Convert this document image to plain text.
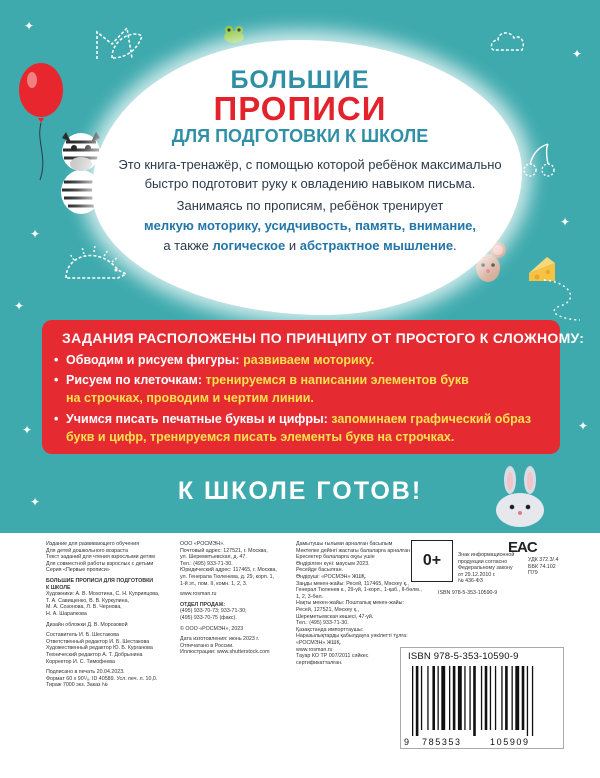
✦
✦
✦
✦
✦
✦	✦
✦
БОЛЬШИЕ
ПРОПИСИ
ДЛЯ ПОДГОТОВКИ К ШКОЛЕ
Это книга-тренажёр, с помощью которой ребёнок максимально
быстро подготовит руку к овладению навыком письма.
Занимаясь по прописям, ребёнок тренирует
мелкую моторику, усидчивость, память, внимание,
а также логическое и абстрактное мышление.
ЗАДАНИЯ РАСПОЛОЖЕНЫ ПО ПРИНЦИПУ ОТ ПРОСТОГО К СЛОЖНОМУ:
• Обводим и рисуем фигуры: развиваем моторику.
• Рисуем по клеточкам: тренируемся в написании элементов букв
на строчках, проводим и чертим линии.
• Учимся писать печатные буквы и цифры: запоминаем графический образ
букв и цифр, тренируемся писать элементы букв на строчках.
К ШКОЛЕ ГОТОВ!

Издание для развивающего обучения

Для детей дошкольного возраста

Текст заданий для чтения взрослыми детям

Для совместной работы взрослых с детьми

Серия «Первые прописи»

БОЛЬШИЕ ПРОПИСИ ДЛЯ ПОДГОТОВКИ

К ШКОЛЕ

Художники: А. В. Мохотина, С. Н. Куприяцова,

Т. А. Савищенко, В. В. Куркулина,

М. А. Созонова, Л. В. Чернова,

Н. А. Шарапкова

Дизайн обложки Д. В. Морозовой

Составитель И. Б. Шестакова

Ответственный редактор И. Б. Шестакова

Художественный редактор Ю. Б. Курганова

Технический редактор А. Т. Добрынина

Корректор И. С. Тимофеева

Подписано в печать 20.04.2023.

Формат 60 x 90¹/₈. ID 40589. Усл. печ. л. 10,0.

Тираж 7000 экз. Заказ №

ООО «РОСМЭН».

Почтовый адрес: 127521, г. Москва,

ул. Шереметьевская, д. 47.

Тел.: (495) 933-71-30.

Юридический адрес: 117465, г. Москва,

ул. Генерала Тюленева, д. 29, корп. 1,

1-й эт., пом. II, комн. 1, 2, 3.

www.rosman.ru

ОТДЕЛ ПРОДАЖ:

(495) 933-70-73; 933-71-30;

(495) 933-70-75 (факс).

© ООО «РОСМЭН», 2023

Дата изготовления: июнь 2023 г.

Отпечатано в России.

Иллюстрации: www.shutterstock.com

Дамытушы ғылыми арналған басылым

Мектепке дейінгі жастағы балаларға арналған

Ересектер балаларға оқуы үшін

Өндірілген күні: маусым 2023.

Ресейде басылған.

Өндіруші: «РОСМЭН» ЖШҚ.

Заңды мекен-жайы: Ресей, 117465, Мәскеу қ.,

Генерал Тюленев к., 29-үй, 1-корп., 1-қаб., II-бөлм.,

1, 2, 3-бөл.

Нақты мекен-жайы: Пошталық мекен-жайы:

Ресей, 127521, Мәскеу қ.,

Шереметьевская көшесі, 47-үй.

Тел.: (495) 933-71-30.

Қазақстанда импорттаушы:

Наразылықтарды қабылдауға уәкілетті тұлға:

«РОСМЭН» ЖШҚ.

www.rosman.ru

Тауар КО ТР 007/2011 сәйкес

сертификатталған.

0+	Знак информационной

продукции согласно

Федеральному закону

от 29.12.2010 г.

№ 436-ФЗ

EAC

УДК 372.3/.4

ББК 74.102

П79

ISBN 978-5-353-10590-9
ISBN 978-5-353-10590-9
9 785353	105909
